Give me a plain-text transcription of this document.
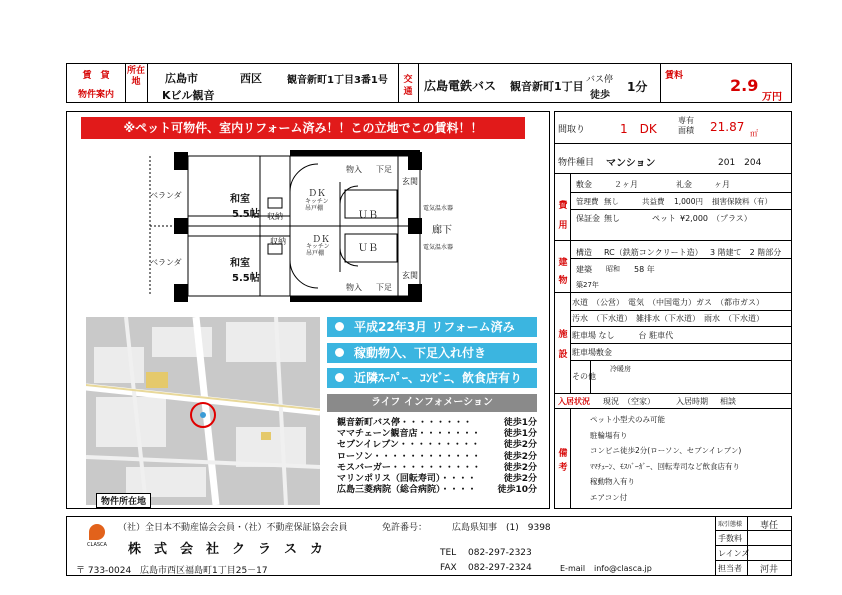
賃　貸
物件案内
所在地	広島市	西区	観音新町1丁目3番1号
Kビル観音
交通 広島電鉄バス 観音新町1丁目 バス停
徒歩
1分
賃料	2.9
万円
※ペット可物件、室内リフォーム済み！！この立地でこの賃料！！
ベランダ
ベランダ
和室
5.5帖
和室
5.5帖
収納
収納
ＤＫ
ＤＫ
キッチン
吊戸棚
キッチン
吊戸棚
ＵＢ
ＵＢ
物入 下足
物入 下足
玄関
玄関
廊下
電気温水器
電気温水器
物件所在地
平成22年3月 リフォーム済み
稼動物入、下足入れ付き
近隣ｽｰﾊﾟｰ、ｺﾝﾋﾞﾆ、飲食店有り
ライフ インフォメーション
観音新町バス停・・・・・・・・	徒歩1分
ママチェーン観音店・・・・・・・	徒歩1分
セブンイレブン・・・・・・・・・	徒歩2分
ローソン・・・・・・・・・・・・	徒歩2分
モスバーガー・・・・・・・・・・	徒歩2分
マリンポリス（回転寿司）・・・・	徒歩2分
広島三菱病院（総合病院）・・・・ 徒歩10分
間取り	1　DK
専有
面積 21.87 ㎡
物件種目 マンション	201　204
費用
敷金	２ヶ月	礼金	ヶ月
管理費 無し	共益費 1,000円 損害保険料（有）
保証金 無し	ペット ¥2,000　（プラス）
建物
構造 RC（鉄筋コンクリート造） 3 階建て　2 階部分
建築 昭和 58 年
築27年
施設
水道　（公営）　電気　（中国電力）ガス　（都市ガス）
汚水　（下水道）　雑排水（下水道）　雨水　（下水道）
駐車場 なし　　　台 駐車代
駐車場敷金
その他
冷暖房
入居状況 現況　（空家）	入居時期 相談
備考
ペット小型犬のみ可能
駐輪場有り
コンビニ徒歩2分(ローソン、セブンイレブン)
ﾏﾏﾁｪｰﾝ、ﾓｽﾊﾞｰｶﾞｰ、回転寿司など飲食店有り
稼動物入有り
エアコン付
CLASCA
（社）全日本不動産協会会員・（社）不動産保証協会会員	免許番号：	広島県知事　(1)　9398
株　式　会　社　ク　ラ　ス　カ
〒 733-0024 広島市西区福島町1丁目25－17
TEL 082-297-2323
FAX 082-297-2324	E-mail info@clasca.jp
取引態様 専任
手数料
レインズ
担当者 河井
